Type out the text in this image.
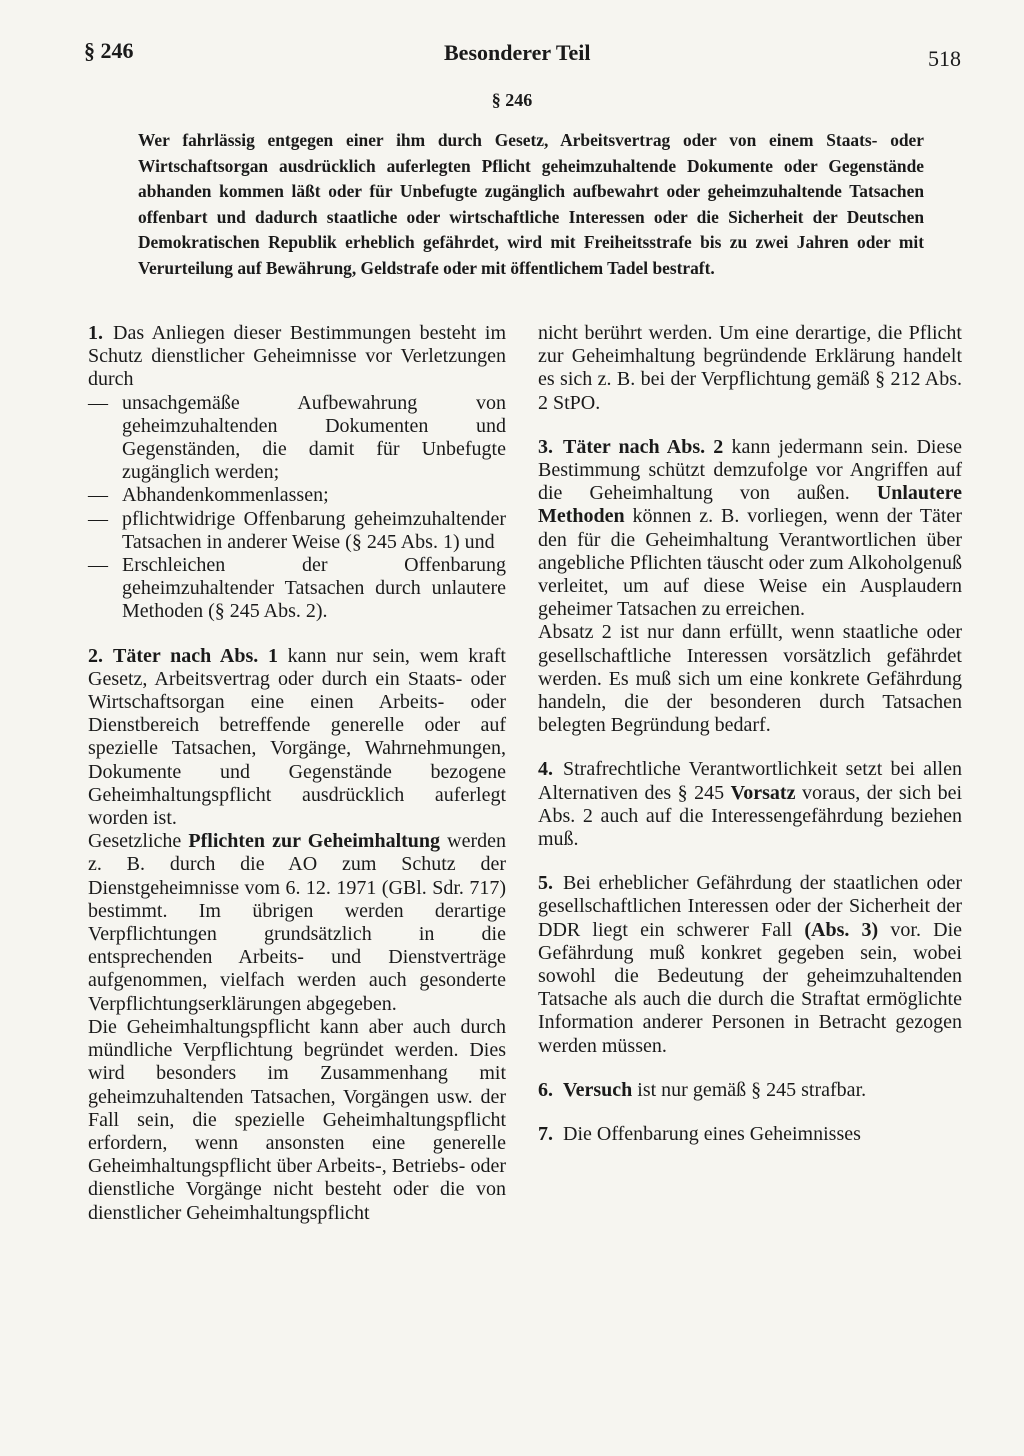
§ 246	Besonderer Teil	518
§ 246
Wer fahrlässig entgegen einer ihm durch Gesetz, Arbeitsvertrag oder von einem Staats- oder Wirtschaftsorgan ausdrücklich auferlegten Pflicht geheimzuhaltende Dokumente oder Gegenstände abhanden kommen läßt oder für Unbefugte zugänglich aufbewahrt oder geheimzuhaltende Tatsachen offenbart und dadurch staatliche oder wirtschaftliche Interessen oder die Sicherheit der Deutschen Demokratischen Republik erheblich gefährdet, wird mit Freiheitsstrafe bis zu zwei Jahren oder mit Verurteilung auf Bewährung, Geldstrafe oder mit öffentlichem Tadel bestraft.
1. Das Anliegen dieser Bestimmungen besteht im Schutz dienstlicher Geheimnisse vor Verletzungen durch
— unsachgemäße Aufbewahrung von geheimzuhaltenden Dokumenten und Gegenständen, die damit für Unbefugte zugänglich werden;
— Abhandenkommenlassen;
— pflichtwidrige Offenbarung geheimzuhaltender Tatsachen in anderer Weise (§ 245 Abs. 1) und
— Erschleichen der Offenbarung geheimzuhaltender Tatsachen durch unlautere Methoden (§ 245 Abs. 2).
2. Täter nach Abs. 1 kann nur sein, wem kraft Gesetz, Arbeitsvertrag oder durch ein Staats- oder Wirtschaftsorgan eine einen Arbeits- oder Dienstbereich betreffende generelle oder auf spezielle Tatsachen, Vorgänge, Wahrnehmungen, Dokumente und Gegenstände bezogene Geheimhaltungspflicht ausdrücklich auferlegt worden ist.
Gesetzliche Pflichten zur Geheimhaltung werden z. B. durch die AO zum Schutz der Dienstgeheimnisse vom 6. 12. 1971 (GBl. Sdr. 717) bestimmt. Im übrigen werden derartige Verpflichtungen grundsätzlich in die entsprechenden Arbeits- und Dienstverträge aufgenommen, vielfach werden auch gesonderte Verpflichtungserklärungen abgegeben.
Die Geheimhaltungspflicht kann aber auch durch mündliche Verpflichtung begründet werden. Dies wird besonders im Zusammenhang mit geheimzuhaltenden Tatsachen, Vorgängen usw. der Fall sein, die spezielle Geheimhaltungspflicht erfordern, wenn ansonsten eine generelle Geheimhaltungspflicht über Arbeits-, Betriebs- oder dienstliche Vorgänge nicht besteht oder die von dienstlicher Geheimhaltungspflicht
nicht berührt werden. Um eine derartige, die Pflicht zur Geheimhaltung begründende Erklärung handelt es sich z. B. bei der Verpflichtung gemäß § 212 Abs. 2 StPO.
3. Täter nach Abs. 2 kann jedermann sein. Diese Bestimmung schützt demzufolge vor Angriffen auf die Geheimhaltung von außen. Unlautere Methoden können z. B. vorliegen, wenn der Täter den für die Geheimhaltung Verantwortlichen über angebliche Pflichten täuscht oder zum Alkoholgenuß verleitet, um auf diese Weise ein Ausplaudern geheimer Tatsachen zu erreichen.
Absatz 2 ist nur dann erfüllt, wenn staatliche oder gesellschaftliche Interessen vorsätzlich gefährdet werden. Es muß sich um eine konkrete Gefährdung handeln, die der besonderen durch Tatsachen belegten Begründung bedarf.
4. Strafrechtliche Verantwortlichkeit setzt bei allen Alternativen des § 245 Vorsatz voraus, der sich bei Abs. 2 auch auf die Interessengefährdung beziehen muß.
5. Bei erheblicher Gefährdung der staatlichen oder gesellschaftlichen Interessen oder der Sicherheit der DDR liegt ein schwerer Fall (Abs. 3) vor. Die Gefährdung muß konkret gegeben sein, wobei sowohl die Bedeutung der geheimzuhaltenden Tatsache als auch die durch die Straftat ermöglichte Information anderer Personen in Betracht gezogen werden müssen.
6. Versuch ist nur gemäß § 245 strafbar.
7. Die Offenbarung eines Geheimnisses
